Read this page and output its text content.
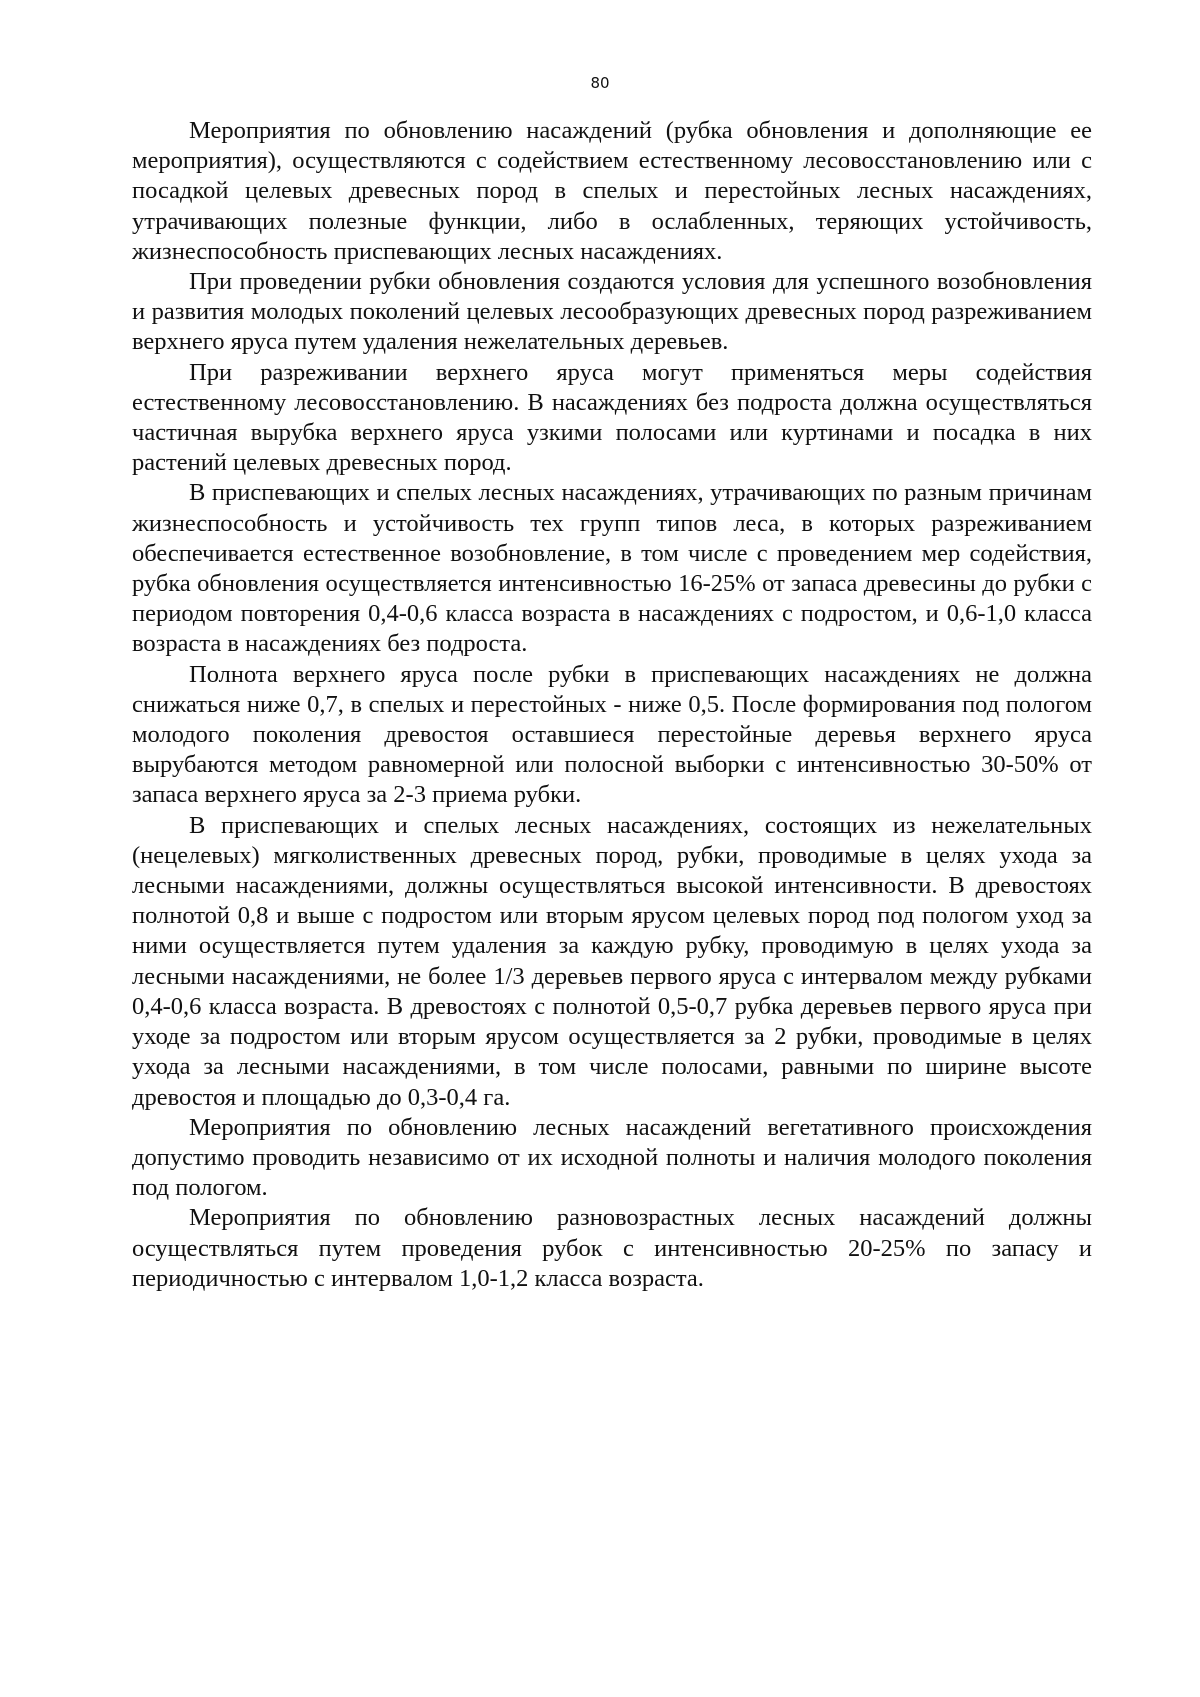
80

Мероприятия по обновлению насаждений (рубка обновления и дополняющие ее мероприятия), осуществляются с содействием естественному лесовосстановлению или с посадкой целевых древесных пород в спелых и перестойных лесных насаждениях, утрачивающих полезные функции, либо в ослабленных, теряющих устойчивость, жизнеспособность приспевающих лесных насаждениях.

При проведении рубки обновления создаются условия для успешного возобновления и развития молодых поколений целевых лесообразующих древесных пород разреживанием верхнего яруса путем удаления нежелательных деревьев.

При разреживании верхнего яруса могут применяться меры содействия естественному лесовосстановлению. В насаждениях без подроста должна осуществляться частичная вырубка верхнего яруса узкими полосами или куртинами и посадка в них растений целевых древесных пород.

В приспевающих и спелых лесных насаждениях, утрачивающих по разным причинам жизнеспособность и устойчивость тех групп типов леса, в которых разреживанием обеспечивается естественное возобновление, в том числе с проведением мер содействия, рубка обновления осуществляется интенсивностью 16-25% от запаса древесины до рубки с периодом повторения 0,4-0,6 класса возраста в насаждениях с подростом, и 0,6-1,0 класса возраста в насаждениях без подроста.

Полнота верхнего яруса после рубки в приспевающих насаждениях не должна снижаться ниже 0,7, в спелых и перестойных - ниже 0,5. После формирования под пологом молодого поколения древостоя оставшиеся перестойные деревья верхнего яруса вырубаются методом равномерной или полосной выборки с интенсивностью 30-50% от запаса верхнего яруса за 2-3 приема рубки.

В приспевающих и спелых лесных насаждениях, состоящих из нежелательных (нецелевых) мягколиственных древесных пород, рубки, проводимые в целях ухода за лесными насаждениями, должны осуществляться высокой интенсивности. В древостоях полнотой 0,8 и выше с подростом или вторым ярусом целевых пород под пологом уход за ними осуществляется путем удаления за каждую рубку, проводимую в целях ухода за лесными насаждениями, не более 1/3 деревьев первого яруса с интервалом между рубками 0,4-0,6 класса возраста. В древостоях с полнотой 0,5-0,7 рубка деревьев первого яруса при уходе за подростом или вторым ярусом осуществляется за 2 рубки, проводимые в целях ухода за лесными насаждениями, в том числе полосами, равными по ширине высоте древостоя и площадью до 0,3-0,4 га.

Мероприятия по обновлению лесных насаждений вегетативного происхождения допустимо проводить независимо от их исходной полноты и наличия молодого поколения под пологом.

Мероприятия по обновлению разновозрастных лесных насаждений должны осуществляться путем проведения рубок с интенсивностью 20-25% по запасу и периодичностью с интервалом 1,0-1,2 класса возраста.
